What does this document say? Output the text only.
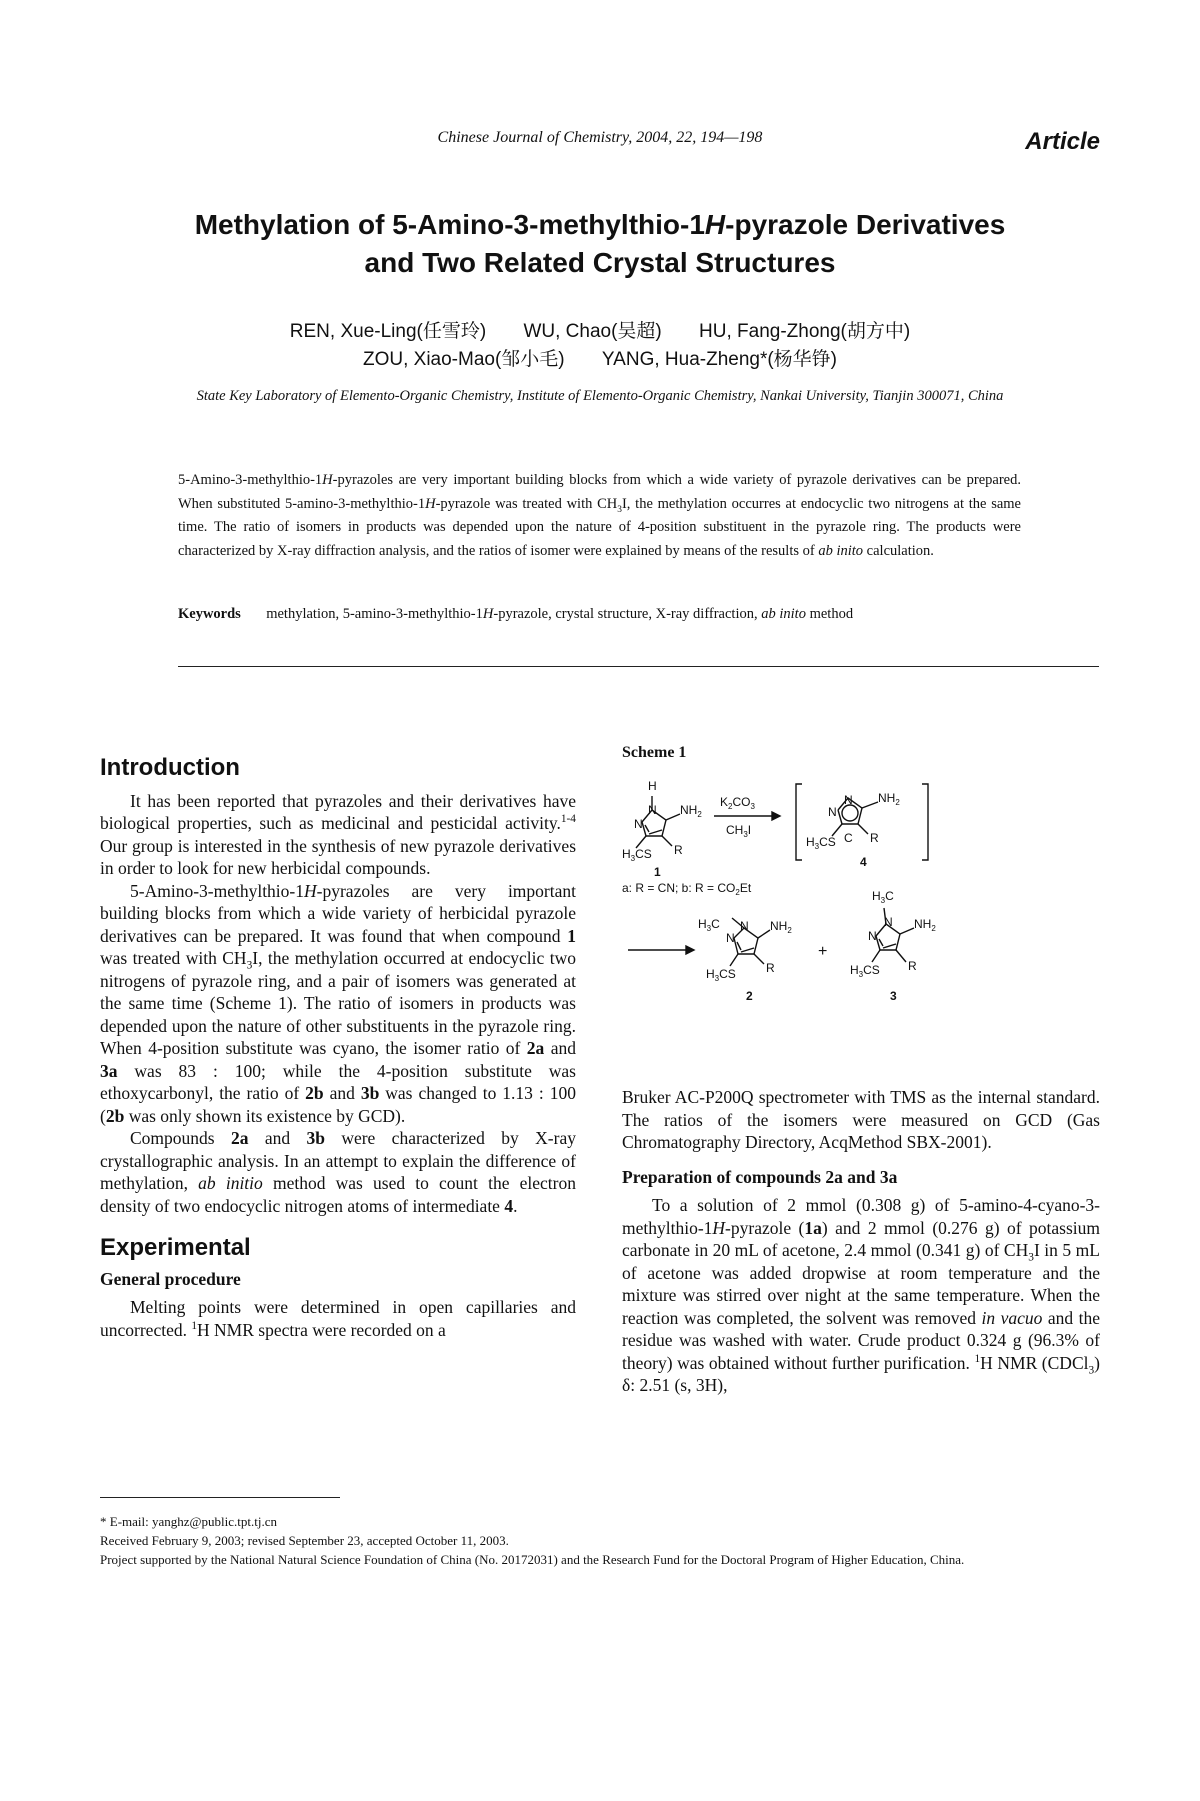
Chinese Journal of Chemistry, 2004, 22, 194—198	Article
Methylation of 5-Amino-3-methylthio-1H-pyrazole Derivatives
and Two Related Crystal Structures
REN, Xue-Ling(任雪玲) WU, Chao(吴超) HU, Fang-Zhong(胡方中)
ZOU, Xiao-Mao(邹小毛) YANG, Hua-Zheng*(杨华铮)
State Key Laboratory of Elemento-Organic Chemistry, Institute of Elemento-Organic Chemistry, Nankai University, Tianjin 300071, China
5-Amino-3-methylthio-1H-pyrazoles are very important building blocks from which a wide variety of pyrazole derivatives can be prepared. When substituted 5-amino-3-methylthio-1H-pyrazole was treated with $CH_3I$, the methylation occurres at endocyclic two nitrogens at the same time. The ratio of isomers in products was depended upon the nature of 4-position substituent in the pyrazole ring. The products were characterized by X-ray diffraction analysis, and the ratios of isomer were explained by means of the results of ab inito calculation.
Keywords methylation, 5-amino-3-methylthio-1H-pyrazole, crystal structure, X-ray diffraction, ab inito method
Introduction

It has been reported that pyrazoles and their derivatives have biological properties, such as medicinal and pesticidal activity.$^{1-4}$ Our group is interested in the synthesis of new pyrazole derivatives in order to look for new herbicidal compounds.

5-Amino-3-methylthio-1H-pyrazoles are very important building blocks from which a wide variety of herbicidal pyrazole derivatives can be prepared. It was found that when compound 1 was treated with $CH_3I$, the methylation occurred at endocyclic two nitrogens of pyrazole ring, and a pair of isomers was generated at the same time (Scheme 1). The ratio of isomers in products was depended upon the nature of other substituents in the pyrazole ring. When 4-position substitute was cyano, the isomer ratio of 2a and 3a was 83 : 100; while the 4-position substitute was ethoxycarbonyl, the ratio of 2b and 3b was changed to 1.13 : 100 (2b was only shown its existence by GCD).

Compounds 2a and 3b were characterized by X-ray crystallographic analysis. In an attempt to explain the difference of methylation, ab initio method was used to count the electron density of two endocyclic nitrogen atoms of intermediate 4.

Experimental
General procedure

Melting points were determined in open capillaries and uncorrected. $^1$H NMR spectra were recorded on a

Scheme 1
H
N
N
$NH_2$
$H_3CS$ R
$K_2CO_3$
$CH_3I$
N
N
$NH_2$
$H_3CS$	R
a: R = CN; b: $R = CO_2Et$
$H_3C$ N
N
$NH_2$
$H_3CS$	R
C
$H_3C$
N
N
$NH_2$
$H_3CS$ R
1
4
2	3
+

Bruker AC-P200Q spectrometer with TMS as the internal standard. The ratios of the isomers were measured on GCD (Gas Chromatography Directory, AcqMethod SBX-2001).

Preparation of compounds 2a and 3a

To a solution of 2 mmol (0.308 g) of 5-amino-4-cyano-3-methylthio-1H-pyrazole (1a) and 2 mmol (0.276 g) of potassium carbonate in 20 mL of acetone, 2.4 mmol (0.341 g) of $CH_3I$ in 5 mL of acetone was added dropwise at room temperature and the mixture was stirred over night at the same temperature. When the reaction was completed, the solvent was removed in vacuo and the residue was washed with water. Crude product 0.324 g (96.3% of theory) was obtained without further purification. $^1$H NMR (CDCl$_3$) δ: 2.51 (s, 3H),

* E-mail: yanghz@public.tpt.tj.cn
Received February 9, 2003; revised September 23, accepted October 11, 2003.
Project supported by the National Natural Science Foundation of China (No. 20172031) and the Research Fund for the Doctoral Program of Higher Education, China.
